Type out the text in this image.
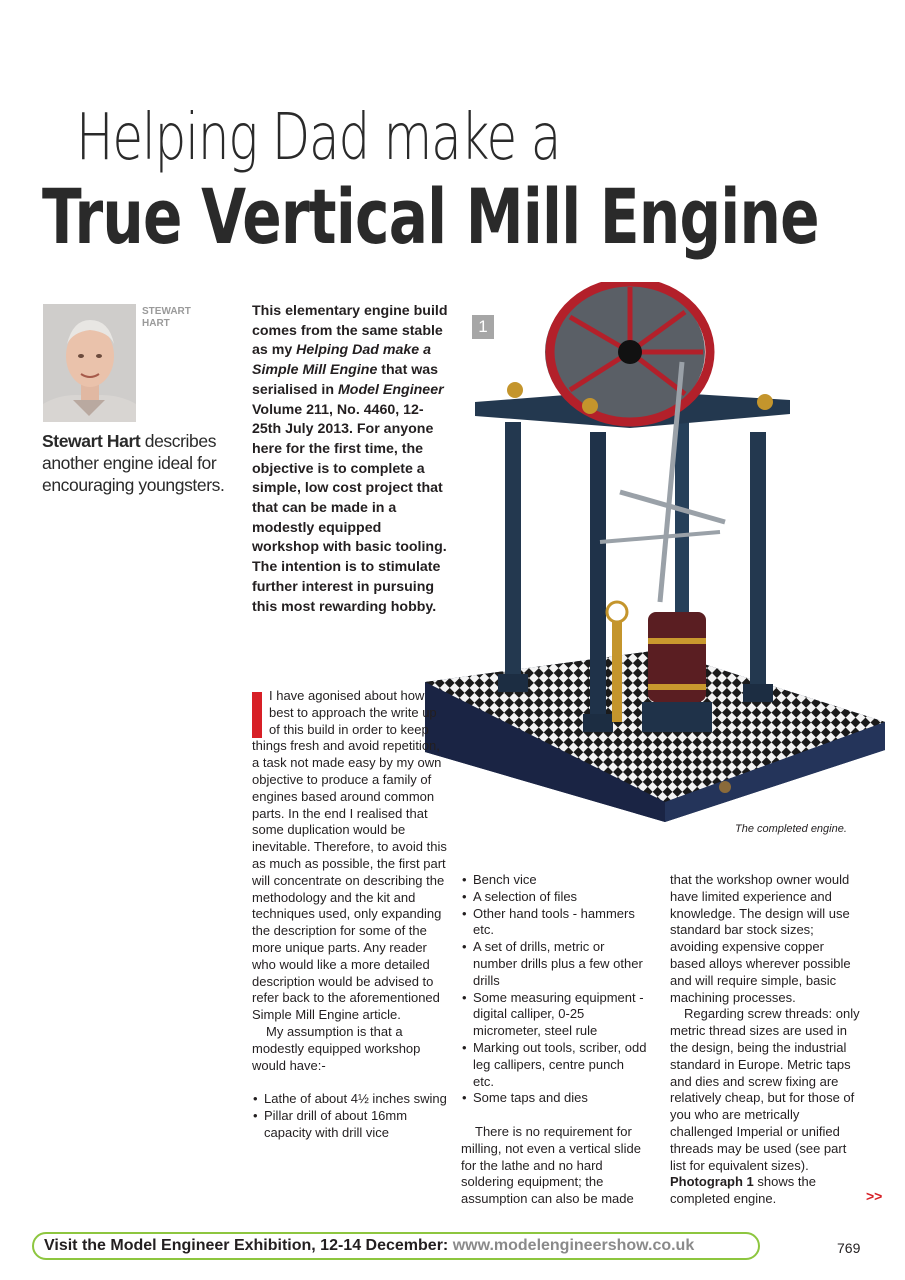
Helping Dad make a
True Vertical Mill Engine
STEWART
HART
Stewart Hart describes another engine ideal for encouraging youngsters.
This elementary engine build comes from the same stable as my Helping Dad make a Simple Mill Engine that was serialised in Model Engineer Volume 211, No. 4460, 12-25th July 2013. For anyone here for the first time, the objective is to complete a simple, low cost project that that can be made in a modestly equipped workshop with basic tooling. The intention is to stimulate further interest in pursuing this most rewarding hobby.
1
The completed engine.
I have agonised about how best to approach the write up of this build in order to keep things fresh and avoid repetition, a task not made easy by my own objective to produce a family of engines based around common parts. In the end I realised that some duplication would be inevitable. Therefore, to avoid this as much as possible, the first part will concentrate on describing the methodology and the kit and techniques used, only expanding the description for some of the more unique parts. Any reader who would like a more detailed description would be advised to refer back to the aforementioned Simple Mill Engine article.
My assumption is that a modestly equipped workshop would have:-
• Lathe of about 4½ inches swing
• Pillar drill of about 16mm capacity with drill vice
• Bench vice
• A selection of files
• Other hand tools - hammers etc.
• A set of drills, metric or number drills plus a few other drills
• Some measuring equipment - digital calliper, 0-25 micrometer, steel rule
• Marking out tools, scriber, odd leg callipers, centre punch etc.
• Some taps and dies
There is no requirement for milling, not even a vertical slide for the lathe and no hard soldering equipment; the assumption can also be made
that the workshop owner would have limited experience and knowledge. The design will use standard bar stock sizes; avoiding expensive copper based alloys wherever possible and will require simple, basic machining processes.
Regarding screw threads: only metric thread sizes are used in the design, being the industrial standard in Europe. Metric taps and dies and screw fixing are relatively cheap, but for those of you who are metrically challenged Imperial or unified threads may be used (see part list for equivalent sizes). Photograph 1 shows the completed engine.	>>
Visit the Model Engineer Exhibition, 12-14 December: www.modelengineershow.co.uk	769
